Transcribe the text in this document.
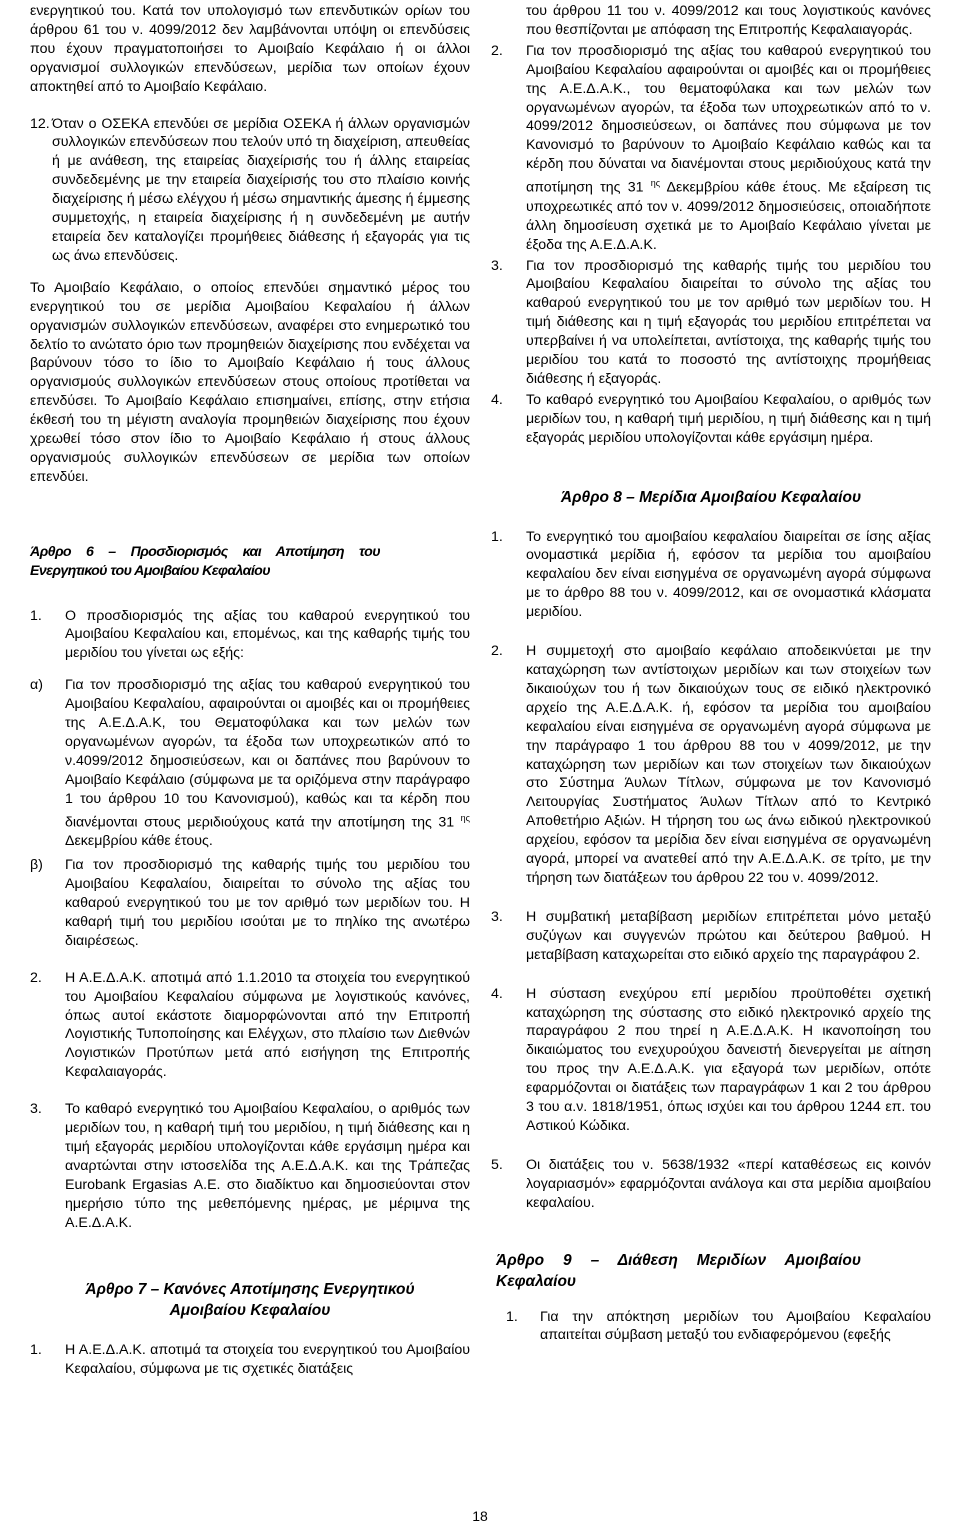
ενεργητικού του. Κατά τον υπολογισμό των επενδυτικών ορίων του άρθρου 61 του ν. 4099/2012 δεν λαμβάνονται υπόψη οι επενδύσεις που έχουν πραγματοποιήσει το Αμοιβαίο Κεφάλαιο ή οι άλλοι οργανισμοί συλλογικών επενδύσεων, μερίδια των οποίων έχουν αποκτηθεί από το Αμοιβαίο Κεφάλαιο.

12. Όταν ο ΟΣΕΚΑ επενδύει σε μερίδια ΟΣΕΚΑ ή άλλων οργανισμών συλλογικών επενδύσεων που τελούν υπό τη διαχείριση, απευθείας ή με ανάθεση, της εταιρείας διαχείρισής του ή άλλης εταιρείας συνδεδεμένης με την εταιρεία διαχείρισής του στο πλαίσιο κοινής διαχείρισης ή μέσω ελέγχου ή μέσω σημαντικής άμεσης ή έμμεσης συμμετοχής, η εταιρεία διαχείρισης ή η συνδεδεμένη με αυτήν εταιρεία δεν καταλογίζει προμήθειες διάθεσης ή εξαγοράς για τις ως άνω επενδύσεις.

Το Αμοιβαίο Κεφάλαιο, ο οποίος επενδύει σημαντικό μέρος του ενεργητικού του σε μερίδια Αμοιβαίου Κεφαλαίου ή άλλων οργανισμών συλλογικών επενδύσεων, αναφέρει στο ενημερωτικό του δελτίο το ανώτατο όριο των προμηθειών διαχείρισης που ενδέχεται να βαρύνουν τόσο το ίδιο το Αμοιβαίο Κεφάλαιο ή τους άλλους οργανισμούς συλλογικών επενδύσεων στους οποίους προτίθεται να επενδύσει. Το Αμοιβαίο Κεφάλαιο επισημαίνει, επίσης, στην ετήσια έκθεσή του τη μέγιστη αναλογία προμηθειών διαχείρισης που έχουν χρεωθεί τόσο στον ίδιο το Αμοιβαίο Κεφάλαιο ή στους άλλους οργανισμούς συλλογικών επενδύσεων σε μερίδια των οποίων επενδύει.

Άρθρο 6 – Προσδιορισμός και Αποτίμηση του Ενεργητικού του Αμοιβαίου Κεφαλαίου

1.	Ο προσδιορισμός της αξίας του καθαρού ενεργητικού του Αμοιβαίου Κεφαλαίου και, επομένως, και της καθαρής τιμής του μεριδίου του γίνεται ως εξής:
α)	Για τον προσδιορισμό της αξίας του καθαρού ενεργητικού του Αμοιβαίου Κεφαλαίου, αφαιρούνται οι αμοιβές και οι προμήθειες της Α.Ε.Δ.Α.Κ, του Θεματοφύλακα και των μελών των οργανωμένων αγορών, τα έξοδα των υποχρεωτικών από το ν.4099/2012 δημοσιεύσεων, και οι δαπάνες που βαρύνουν το Αμοιβαίο Κεφάλαιο (σύμφωνα με τα οριζόμενα στην παράγραφο 1 του άρθρου 10 του Κανονισμού), καθώς και τα κέρδη που διανέμονται στους μεριδιούχους κατά την αποτίμηση της 31 $^{\eta\varsigma}$ Δεκεμβρίου κάθε έτους.
β)	Για τον προσδιορισμό της καθαρής τιμής του μεριδίου του Αμοιβαίου Κεφαλαίου, διαιρείται το σύνολο της αξίας του καθαρού ενεργητικού του με τον αριθμό των μεριδίων του. Η καθαρή τιμή του μεριδίου ισούται με το πηλίκο της ανωτέρω διαιρέσεως.
2.	Η Α.Ε.Δ.Α.Κ. αποτιμά από 1.1.2010 τα στοιχεία του ενεργητικού του Αμοιβαίου Κεφαλαίου σύμφωνα με λογιστικούς κανόνες, όπως αυτοί εκάστοτε διαμορφώνονται από την Επιτροπή Λογιστικής Τυποποίησης και Ελέγχων, στο πλαίσιο των Διεθνών Λογιστικών Προτύπων μετά από εισήγηση της Επιτροπής Κεφαλαιαγοράς.
3.	Το καθαρό ενεργητικό του Αμοιβαίου Κεφαλαίου, ο αριθμός των μεριδίων του, η καθαρή τιμή του μεριδίου, η τιμή διάθεσης και η τιμή εξαγοράς μεριδίου υπολογίζονται κάθε εργάσιμη ημέρα και αναρτώνται στην ιστοσελίδα της Α.Ε.Δ.Α.Κ. και της Τράπεζας Eurobank Ergasias Α.Ε. στο διαδίκτυο και δημοσιεύονται στον ημερήσιο τύπο της μεθεπόμενης ημέρας, με μέριμνα της Α.Ε.Δ.Α.Κ.

Άρθρο 7 – Κανόνες Αποτίμησης Ενεργητικού Αμοιβαίου Κεφαλαίου

1.	Η Α.Ε.Δ.Α.Κ. αποτιμά τα στοιχεία του ενεργητικού του Αμοιβαίου Κεφαλαίου, σύμφωνα με τις σχετικές διατάξεις

του άρθρου 11 του ν. 4099/2012 και τους λογιστικούς κανόνες που θεσπίζονται με απόφαση της Επιτροπής Κεφαλαιαγοράς.

2.	Για τον προσδιορισμό της αξίας του καθαρού ενεργητικού του Αμοιβαίου Κεφαλαίου αφαιρούνται οι αμοιβές και οι προμήθειες της Α.Ε.Δ.Α.Κ., του θεματοφύλακα και των μελών των οργανωμένων αγορών, τα έξοδα των υποχρεωτικών από το ν. 4099/2012 δημοσιεύσεων, οι δαπάνες που σύμφωνα με τον Κανονισμό το βαρύνουν το Αμοιβαίο Κεφάλαιο καθώς και τα κέρδη που δύναται να διανέμονται στους μεριδιούχους κατά την αποτίμηση της 31 $^{\eta\varsigma}$ Δεκεμβρίου κάθε έτους. Με εξαίρεση τις υποχρεωτικές από τον ν. 4099/2012 δημοσιεύσεις, οποιαδήποτε άλλη δημοσίευση σχετικά με το Αμοιβαίο Κεφάλαιο γίνεται με έξοδα της Α.Ε.Δ.Α.Κ.
3.	Για τον προσδιορισμό της καθαρής τιμής του μεριδίου του Αμοιβαίου Κεφαλαίου διαιρείται το σύνολο της αξίας του καθαρού ενεργητικού του με τον αριθμό των μεριδίων του. Η τιμή διάθεσης και η τιμή εξαγοράς του μεριδίου επιτρέπεται να υπερβαίνει ή να υπολείπεται, αντίστοιχα, της καθαρής τιμής του μεριδίου του κατά το ποσοστό της αντίστοιχης προμήθειας διάθεσης ή εξαγοράς.
4.	Το καθαρό ενεργητικό του Αμοιβαίου Κεφαλαίου, ο αριθμός των μεριδίων του, η καθαρή τιμή μεριδίου, η τιμή διάθεσης και η τιμή εξαγοράς μεριδίου υπολογίζονται κάθε εργάσιμη ημέρα.

Άρθρο 8 – Μερίδια Αμοιβαίου Κεφαλαίου

1.	Το ενεργητικό του αμοιβαίου κεφαλαίου διαιρείται σε ίσης αξίας ονομαστικά μερίδια ή, εφόσον τα μερίδια του αμοιβαίου κεφαλαίου δεν είναι εισηγμένα σε οργανωμένη αγορά σύμφωνα με το άρθρο 88 του ν. 4099/2012, και σε ονομαστικά κλάσματα μεριδίου.
2.	Η συμμετοχή στο αμοιβαίο κεφάλαιο αποδεικνύεται με την καταχώρηση των αντίστοιχων μεριδίων και των στοιχείων των δικαιούχων του ή των δικαιούχων τους σε ειδικό ηλεκτρονικό αρχείο της Α.Ε.Δ.Α.Κ. ή, εφόσον τα μερίδια του αμοιβαίου κεφαλαίου είναι εισηγμένα σε οργανωμένη αγορά σύμφωνα με την παράγραφο 1 του άρθρου 88 του ν 4099/2012, με την καταχώρηση των μεριδίων και των στοιχείων των δικαιούχων στο Σύστημα Άυλων Τίτλων, σύμφωνα με τον Κανονισμό Λειτουργίας Συστήματος Άυλων Τίτλων από το Κεντρικό Αποθετήριο Αξιών. Η τήρηση του ως άνω ειδικού ηλεκτρονικού αρχείου, εφόσον τα μερίδια δεν είναι εισηγμένα σε οργανωμένη αγορά, μπορεί να ανατεθεί από την Α.Ε.Δ.Α.Κ. σε τρίτο, με την τήρηση των διατάξεων του άρθρου 22 του ν. 4099/2012.
3.	Η συμβατική μεταβίβαση μεριδίων επιτρέπεται μόνο μεταξύ συζύγων και συγγενών πρώτου και δεύτερου βαθμού. Η μεταβίβαση καταχωρείται στο ειδικό αρχείο της παραγράφου 2.
4.	Η σύσταση ενεχύρου επί μεριδίου προϋποθέτει σχετική καταχώρηση της σύστασης στο ειδικό ηλεκτρονικό αρχείο της παραγράφου 2 που τηρεί η Α.Ε.Δ.Α.Κ. Η ικανοποίηση του δικαιώματος του ενεχυρούχου δανειστή διενεργείται με αίτηση του προς την Α.Ε.Δ.Α.Κ. για εξαγορά των μεριδίων, οπότε εφαρμόζονται οι διατάξεις των παραγράφων 1 και 2 του άρθρου 3 του α.ν. 1818/1951, όπως ισχύει και του άρθρου 1244 επ. του Αστικού Κώδικα.
5.	Οι διατάξεις του ν. 5638/1932 «περί καταθέσεως εις κοινόν λογαριασμόν» εφαρμόζονται ανάλογα και στα μερίδια αμοιβαίου κεφαλαίου.

Άρθρο 9 – Διάθεση Μεριδίων Αμοιβαίου Κεφαλαίου

1.	Για την απόκτηση μεριδίων του Αμοιβαίου Κεφαλαίου απαιτείται σύμβαση μεταξύ του ενδιαφερόμενου (εφεξής
18
